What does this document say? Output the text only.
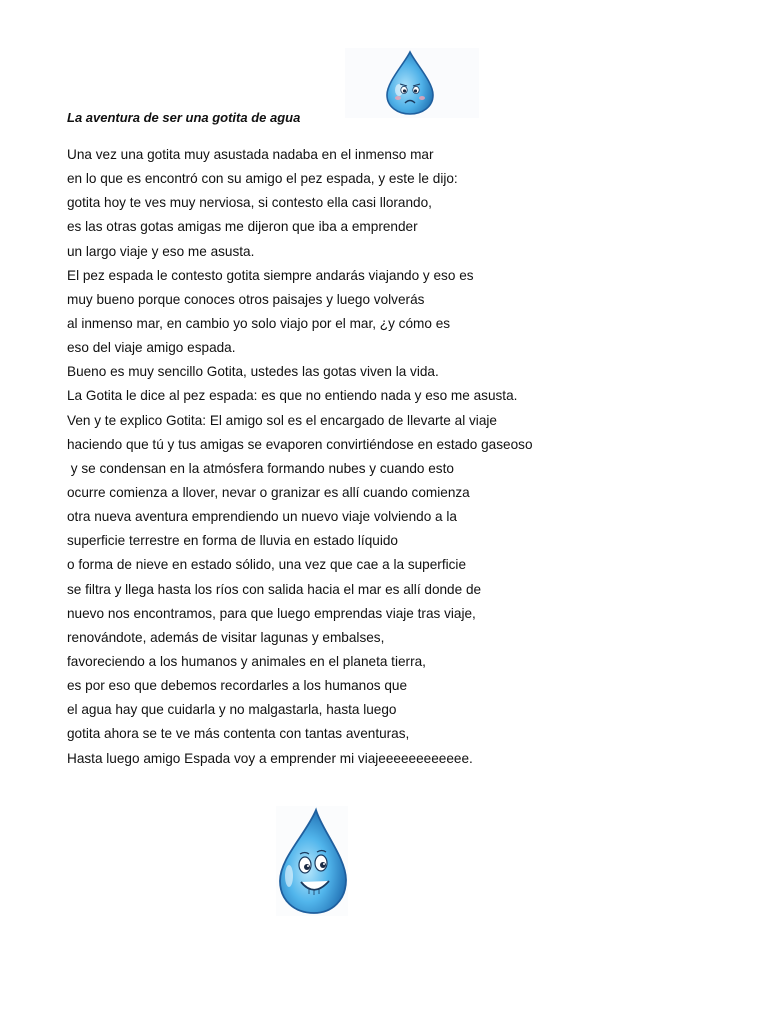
La aventura de ser una gotita de agua
Una vez una gotita muy asustada nadaba en el inmenso mar
en lo que es encontró con su amigo el pez espada, y este le dijo:
gotita hoy te ves muy nerviosa, si contesto ella casi llorando,
es las otras gotas amigas me dijeron que iba a emprender
un largo viaje y eso me asusta.
El pez espada le contesto gotita siempre andarás viajando y eso es
muy bueno porque conoces otros paisajes y luego volverás
al inmenso mar, en cambio yo solo viajo por el mar, ¿y cómo es
eso del viaje amigo espada.
Bueno es muy sencillo Gotita, ustedes las gotas viven la vida.
La Gotita le dice al pez espada: es que no entiendo nada y eso me asusta.
Ven y te explico Gotita: El amigo sol es el encargado de llevarte al viaje
haciendo que tú y tus amigas se evaporen convirtiéndose en estado gaseoso
y se condensan en la atmósfera formando nubes y cuando esto
ocurre comienza a llover, nevar o granizar es allí cuando comienza
otra nueva aventura emprendiendo un nuevo viaje volviendo a la
superficie terrestre en forma de lluvia en estado líquido
o forma de nieve en estado sólido, una vez que cae a la superficie
se filtra y llega hasta los ríos con salida hacia el mar es allí donde de
nuevo nos encontramos, para que luego emprendas viaje tras viaje,
renovándote, además de visitar lagunas y embalses,
favoreciendo a los humanos y animales en el planeta tierra,
es por eso que debemos recordarles a los humanos que
el agua hay que cuidarla y no malgastarla, hasta luego
gotita ahora se te ve más contenta con tantas aventuras,
Hasta luego amigo Espada voy a emprender mi viajeeeeeeeeeeee.
